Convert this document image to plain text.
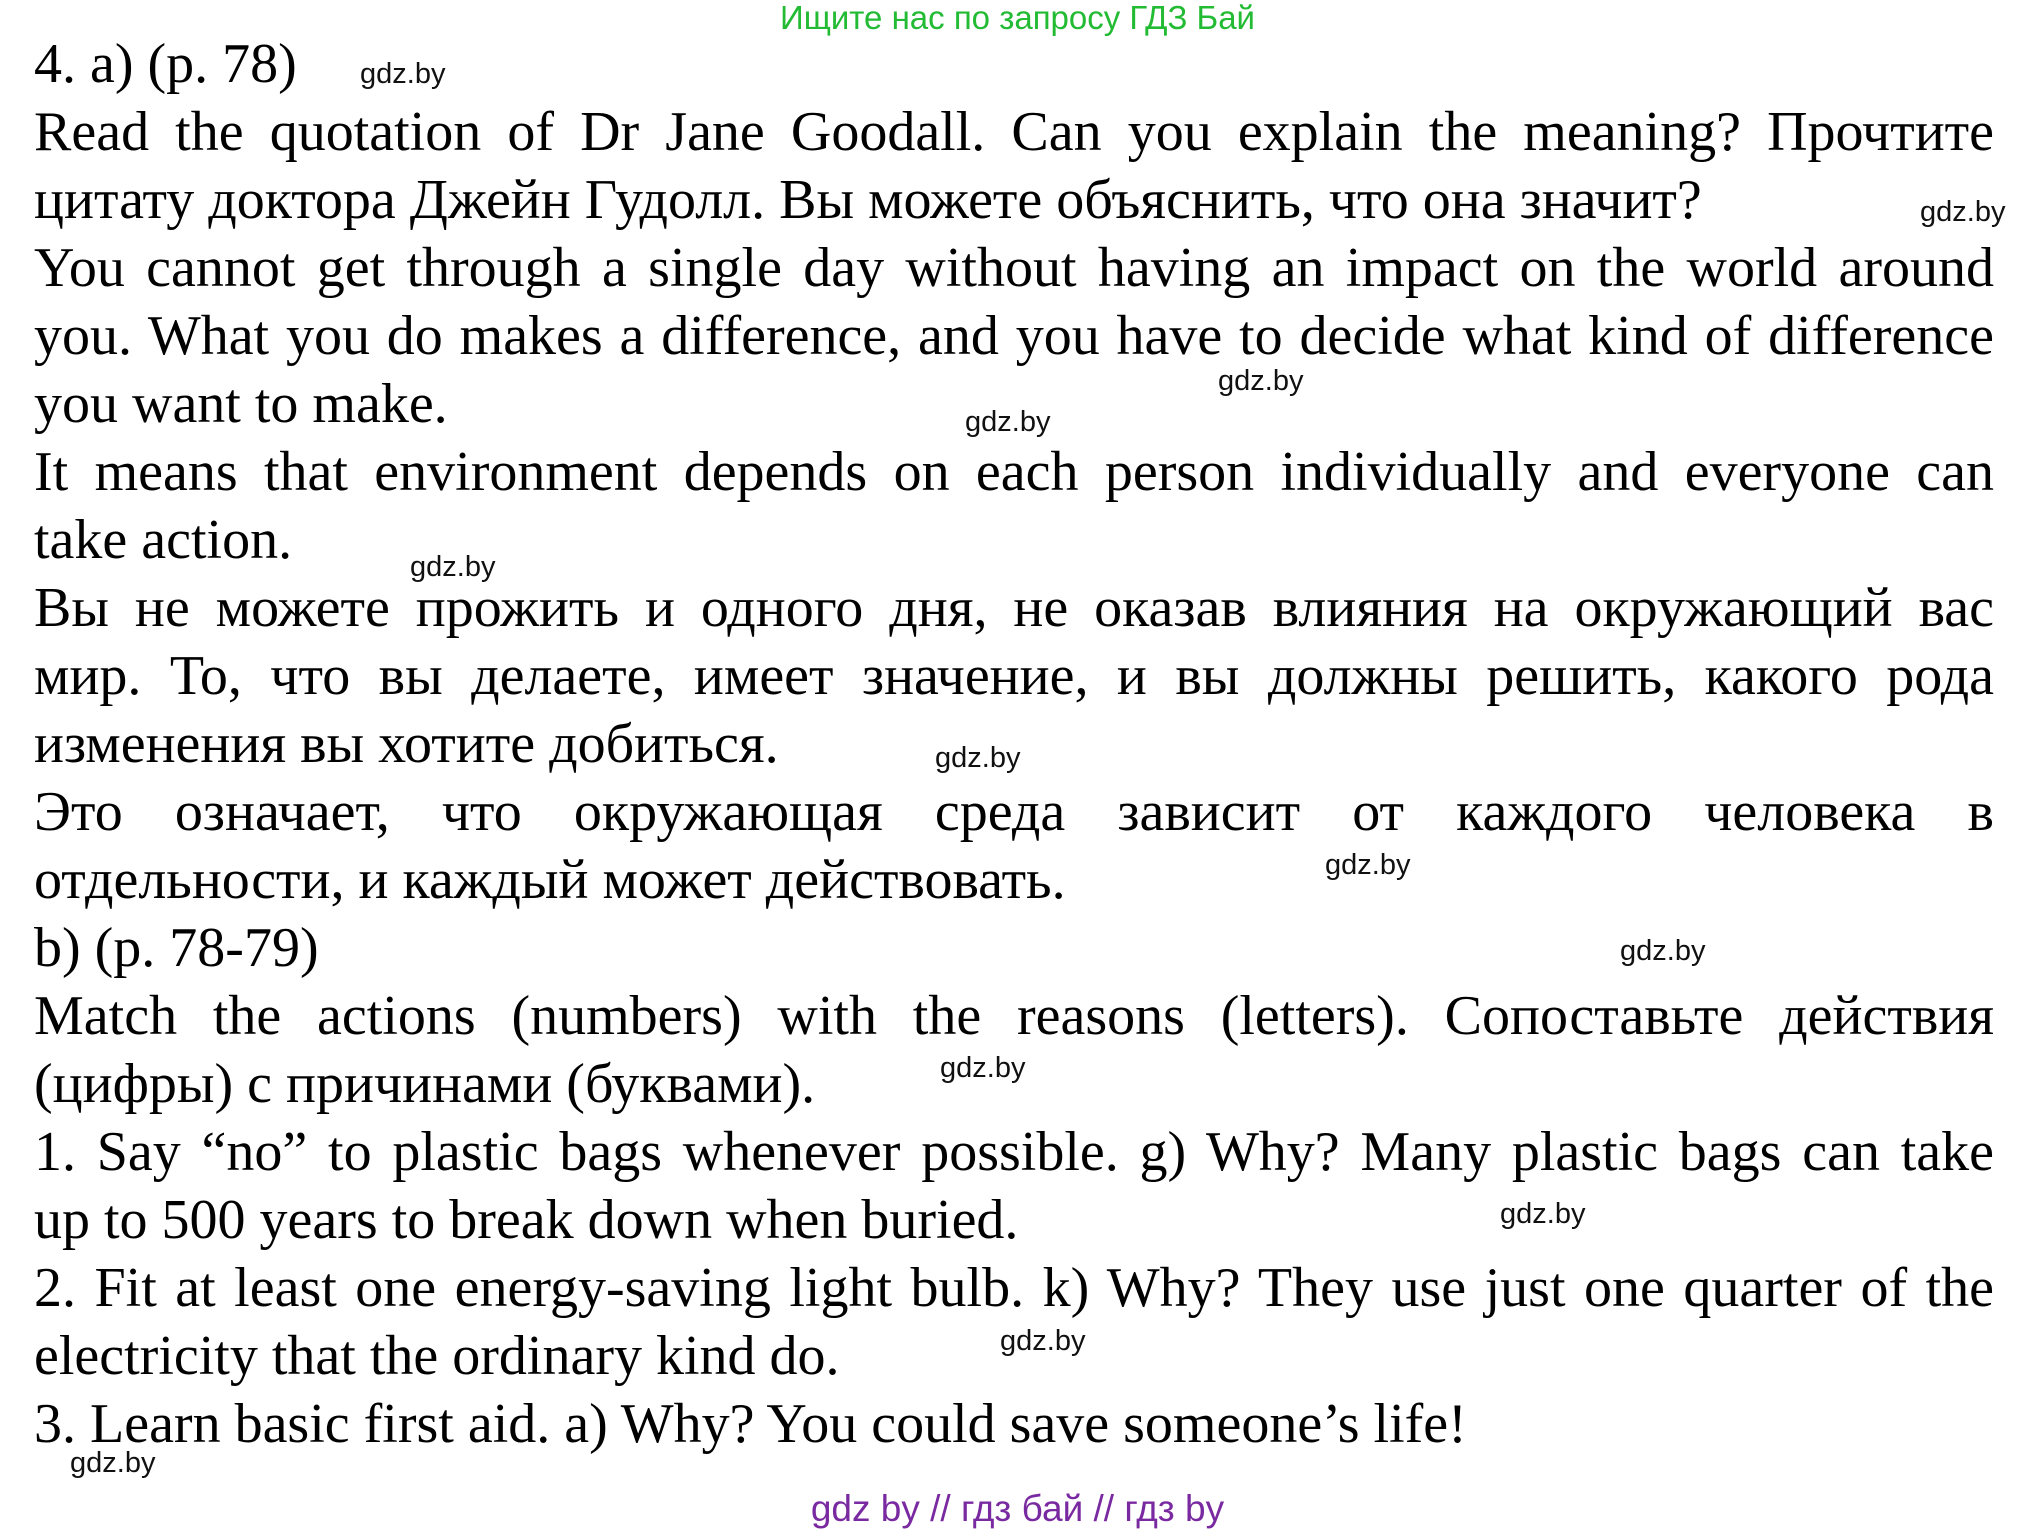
Ищите нас по запросу ГДЗ Бай
4. a) (p. 78)
Read the quotation of Dr Jane Goodall. Can you explain the meaning? Прочтите
цитату доктора Джейн Гудолл. Вы можете объяснить, что она значит?
You cannot get through a single day without having an impact on the world around
you. What you do makes a difference, and you have to decide what kind of difference
you want to make.
It means that environment depends on each person individually and everyone can
take action.
Вы не можете прожить и одного дня, не оказав влияния на окружающий вас
мир. То, что вы делаете, имеет значение, и вы должны решить, какого рода
изменения вы хотите добиться.
Это означает, что окружающая среда зависит от каждого человека в
отдельности, и каждый может действовать.
b) (p. 78-79)
Match the actions (numbers) with the reasons (letters). Сопоставьте действия
(цифры) с причинами (буквами).
1. Say “no” to plastic bags whenever possible. g) Why? Many plastic bags can take
up to 500 years to break down when buried.
2. Fit at least one energy-saving light bulb. k) Why? They use just one quarter of the
electricity that the ordinary kind do.
3. Learn basic first aid. a) Why? You could save someone’s life!
gdz.by
gdz.by
gdz.by
gdz.by
gdz.by
gdz.by
gdz.by
gdz.by
gdz.by
gdz.by
gdz.by
gdz.by
gdz by // гдз бай // гдз by
